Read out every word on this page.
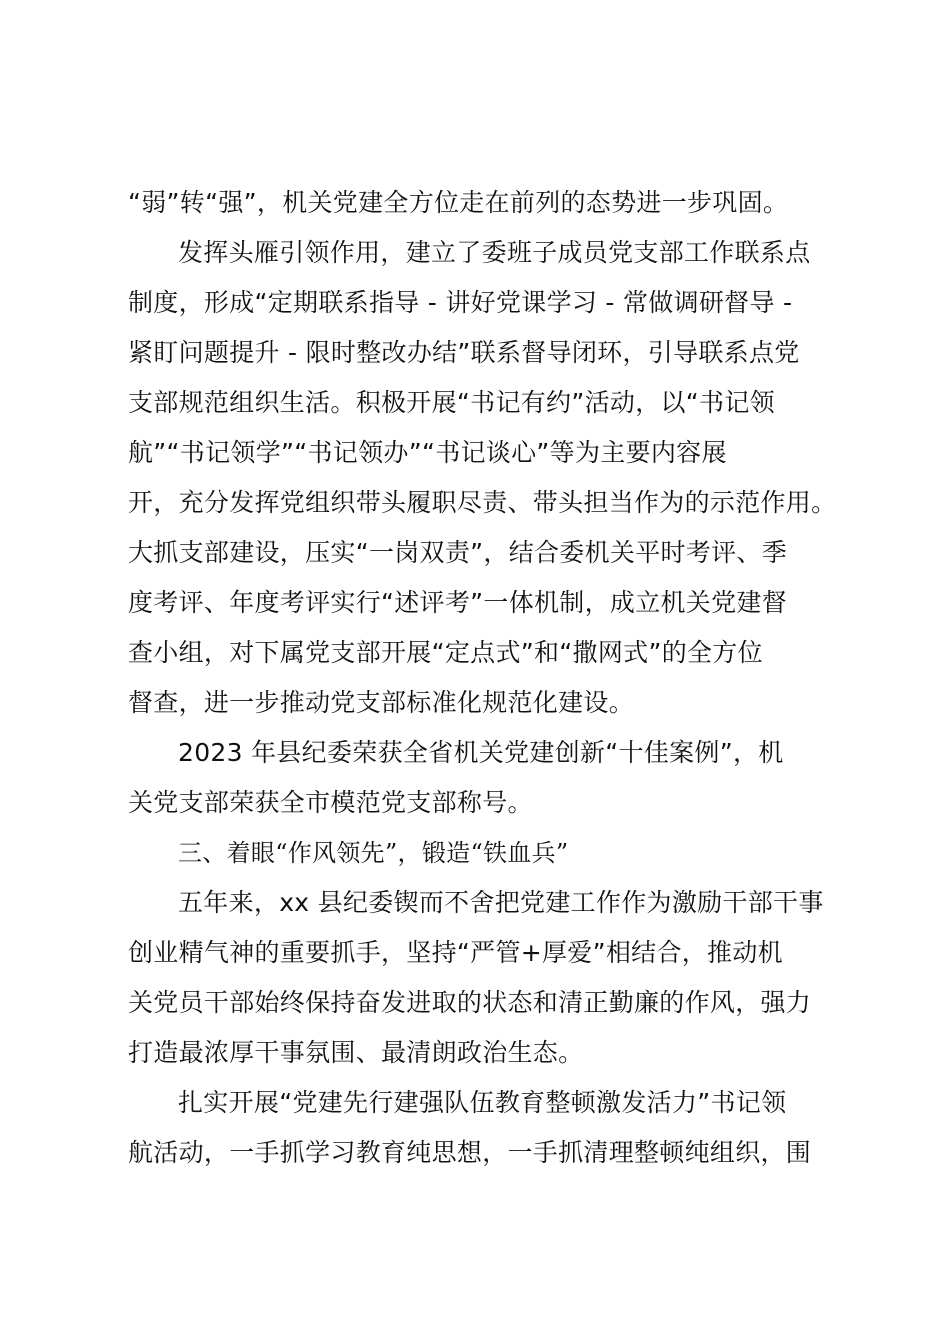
“弱”转“强”，机关党建全方位走在前列的态势进一步巩固。
发挥头雁引领作用，建立了委班子成员党支部工作联系点
制度，形成“定期联系指导 - 讲好党课学习 - 常做调研督导 -
紧盯问题提升 - 限时整改办结”联系督导闭环，引导联系点党
支部规范组织生活。积极开展“书记有约”活动，以“书记领
航”“书记领学”“书记领办”“书记谈心”等为主要内容展
开，充分发挥党组织带头履职尽责、带头担当作为的示范作用。
大抓支部建设，压实“一岗双责”，结合委机关平时考评、季
度考评、年度考评实行“述评考”一体机制，成立机关党建督
查小组，对下属党支部开展“定点式”和“撒网式”的全方位
督查，进一步推动党支部标准化规范化建设。
2023 年县纪委荣获全省机关党建创新“十佳案例”，机
关党支部荣获全市模范党支部称号。
三、着眼“作风领先”，锻造“铁血兵”
五年来，xx 县纪委锲而不舍把党建工作作为激励干部干事
创业精气神的重要抓手，坚持“严管+厚爱”相结合，推动机
关党员干部始终保持奋发进取的状态和清正勤廉的作风，强力
打造最浓厚干事氛围、最清朗政治生态。
扎实开展“党建先行建强队伍教育整顿激发活力”书记领
航活动，一手抓学习教育纯思想，一手抓清理整顿纯组织，围
